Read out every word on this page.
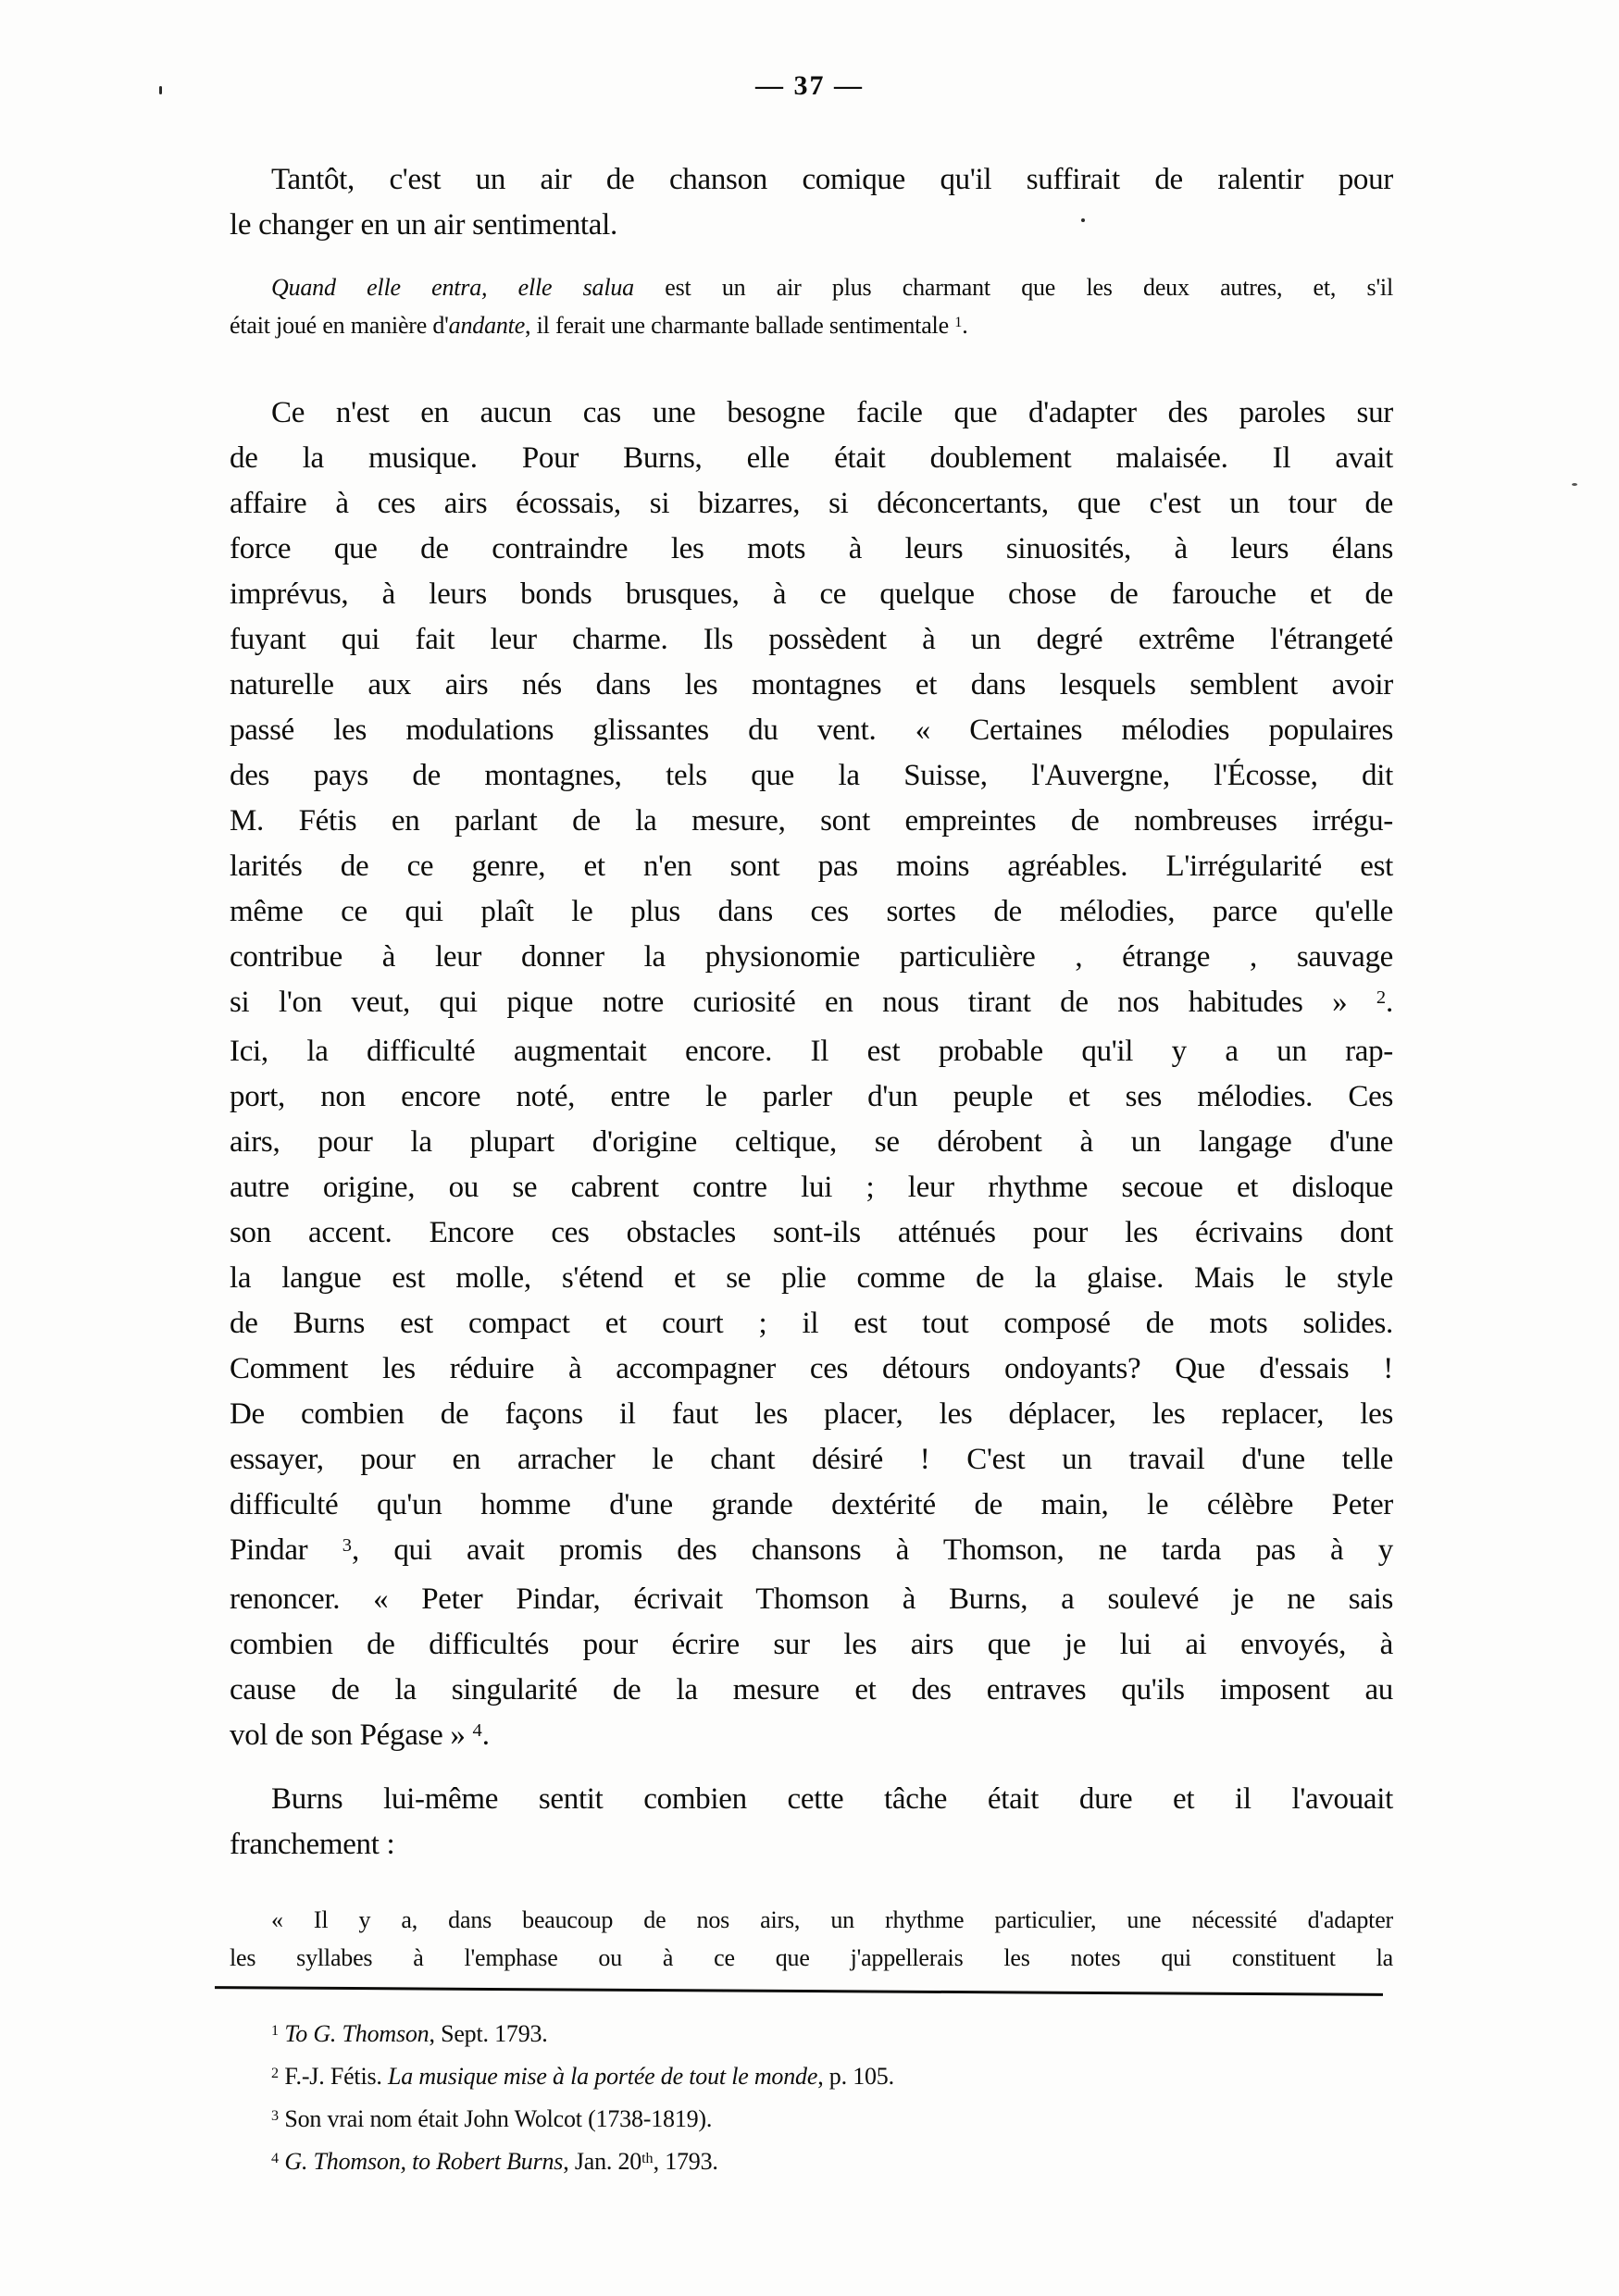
— 37 —
Tantôt, c'est un air de chanson comique qu'il suffirait de ralentir pour
le changer en un air sentimental.
Quand elle entra, elle salua est un air plus charmant que les deux autres, et, s'il
était joué en manière d'andante, il ferait une charmante ballade sentimentale $^1$.
Ce n'est en aucun cas une besogne facile que d'adapter des paroles sur
de la musique. Pour Burns, elle était doublement malaisée. Il avait
affaire à ces airs écossais, si bizarres, si déconcertants, que c'est un tour de
force que de contraindre les mots à leurs sinuosités, à leurs élans
imprévus, à leurs bonds brusques, à ce quelque chose de farouche et de
fuyant qui fait leur charme. Ils possèdent à un degré extrême l'étrangeté
naturelle aux airs nés dans les montagnes et dans lesquels semblent avoir
passé les modulations glissantes du vent. « Certaines mélodies populaires
des pays de montagnes, tels que la Suisse, l'Auvergne, l'Écosse, dit
M. Fétis en parlant de la mesure, sont empreintes de nombreuses irrégu-
larités de ce genre, et n'en sont pas moins agréables. L'irrégularité est
même ce qui plaît le plus dans ces sortes de mélodies, parce qu'elle
contribue à leur donner la physionomie particulière , étrange , sauvage
si l'on veut, qui pique notre curiosité en nous tirant de nos habitudes » $^2$.
Ici, la difficulté augmentait encore. Il est probable qu'il y a un rap-
port, non encore noté, entre le parler d'un peuple et ses mélodies. Ces
airs, pour la plupart d'origine celtique, se dérobent à un langage d'une
autre origine, ou se cabrent contre lui ; leur rhythme secoue et disloque
son accent. Encore ces obstacles sont-ils atténués pour les écrivains dont
la langue est molle, s'étend et se plie comme de la glaise. Mais le style
de Burns est compact et court ; il est tout composé de mots solides.
Comment les réduire à accompagner ces détours ondoyants? Que d'essais !
De combien de façons il faut les placer, les déplacer, les replacer, les
essayer, pour en arracher le chant désiré ! C'est un travail d'une telle
difficulté qu'un homme d'une grande dextérité de main, le célèbre Peter
Pindar $^3$, qui avait promis des chansons à Thomson, ne tarda pas à y
renoncer. « Peter Pindar, écrivait Thomson à Burns, a soulevé je ne sais
combien de difficultés pour écrire sur les airs que je lui ai envoyés, à
cause de la singularité de la mesure et des entraves qu'ils imposent au
vol de son Pégase » $^4$.
Burns lui-même sentit combien cette tâche était dure et il l'avouait
franchement :
« Il y a, dans beaucoup de nos airs, un rhythme particulier, une nécessité d'adapter
les syllabes à l'emphase ou à ce que j'appellerais les notes qui constituent la
$^1$ To G. Thomson, Sept. 1793.
$^2$ F.-J. Fétis. La musique mise à la portée de tout le monde, p. 105.
$^3$ Son vrai nom était John Wolcot (1738-1819).
$^4$ G. Thomson, to Robert Burns, Jan. 20th, 1793.
